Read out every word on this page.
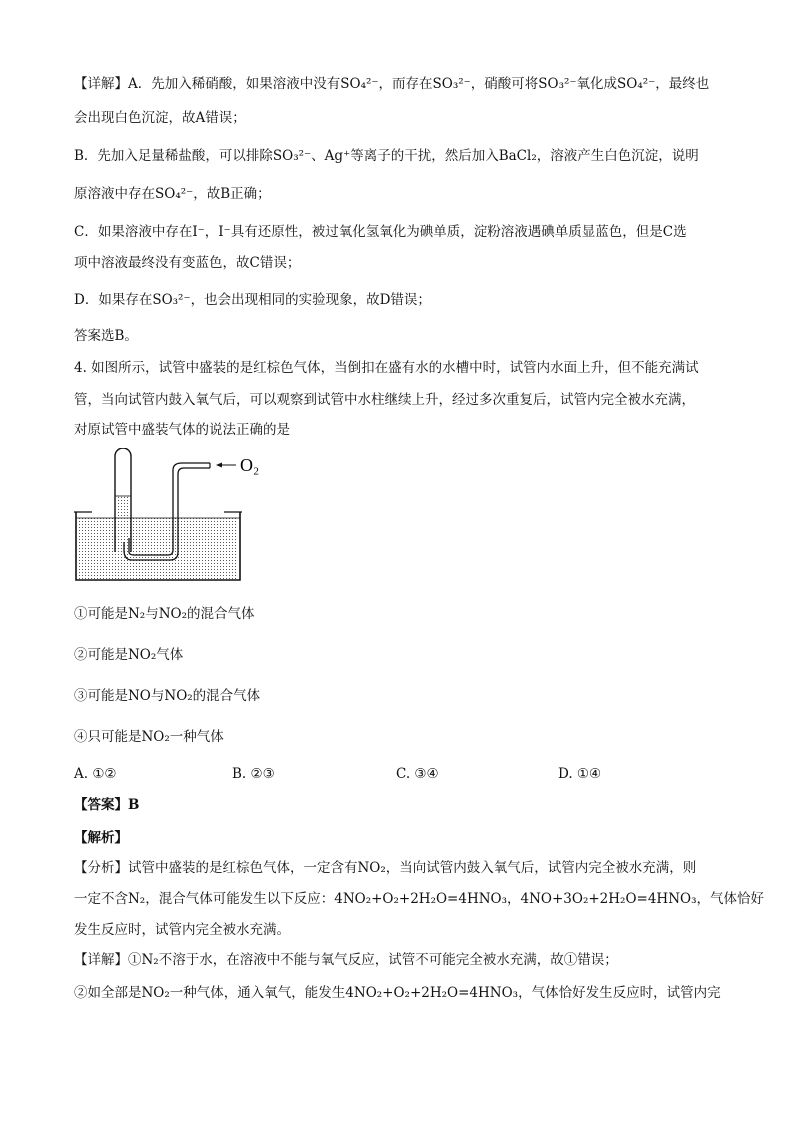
【详解】A．先加入稀硝酸，如果溶液中没有SO₄²⁻，而存在SO₃²⁻，硝酸可将SO₃²⁻氧化成SO₄²⁻，最终也
会出现白色沉淀，故A错误；
B．先加入足量稀盐酸，可以排除SO₃²⁻、Ag⁺等离子的干扰，然后加入BaCl₂，溶液产生白色沉淀，说明
原溶液中存在SO₄²⁻，故B正确；
C．如果溶液中存在I⁻，I⁻具有还原性，被过氧化氢氧化为碘单质，淀粉溶液遇碘单质显蓝色，但是C选
项中溶液最终没有变蓝色，故C错误；
D．如果存在SO₃²⁻，也会出现相同的实验现象，故D错误；
答案选B。
4. 如图所示，试管中盛装的是红棕色气体，当倒扣在盛有水的水槽中时，试管内水面上升，但不能充满试
管，当向试管内鼓入氧气后，可以观察到试管中水柱继续上升，经过多次重复后，试管内完全被水充满，
对原试管中盛装气体的说法正确的是
O₂
①可能是N₂与NO₂的混合气体
②可能是NO₂气体
③可能是NO与NO₂的混合气体
④只可能是NO₂一种气体
A. ①②	B. ②③	C. ③④	D. ①④
【答案】B
【解析】
【分析】试管中盛装的是红棕色气体，一定含有NO₂，当向试管内鼓入氧气后，试管内完全被水充满，则
一定不含N₂，混合气体可能发生以下反应：4NO₂+O₂+2H₂O=4HNO₃，4NO+3O₂+2H₂O=4HNO₃，气体恰好
发生反应时，试管内完全被水充满。
【详解】①N₂不溶于水，在溶液中不能与氧气反应，试管不可能完全被水充满，故①错误；
②如全部是NO₂一种气体，通入氧气，能发生4NO₂+O₂+2H₂O=4HNO₃，气体恰好发生反应时，试管内完
